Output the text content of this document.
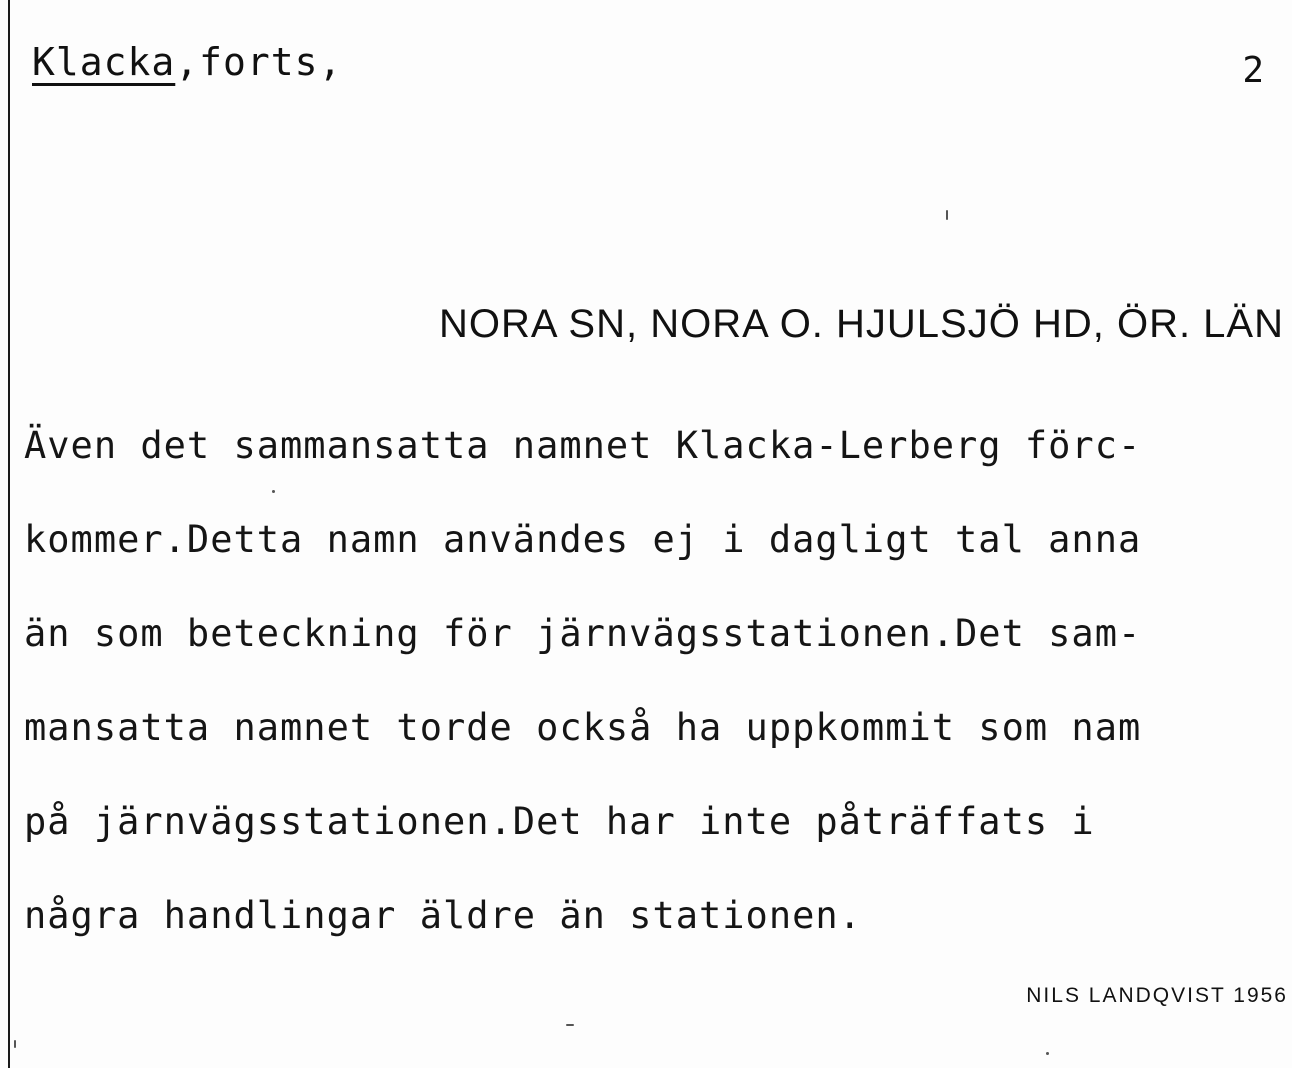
Klacka,forts,	2
NORA SN, NORA O. HJULSJÖ HD, ÖR. LÄN
Även det sammansatta namnet Klacka-Lerberg förc-
kommer.Detta namn användes ej i dagligt tal anna
än som beteckning för järnvägsstationen.Det sam-
mansatta namnet torde också ha uppkommit som nam
på järnvägsstationen.Det har inte påträffats i
några handlingar äldre än stationen.
NILS LANDQVIST 1956
